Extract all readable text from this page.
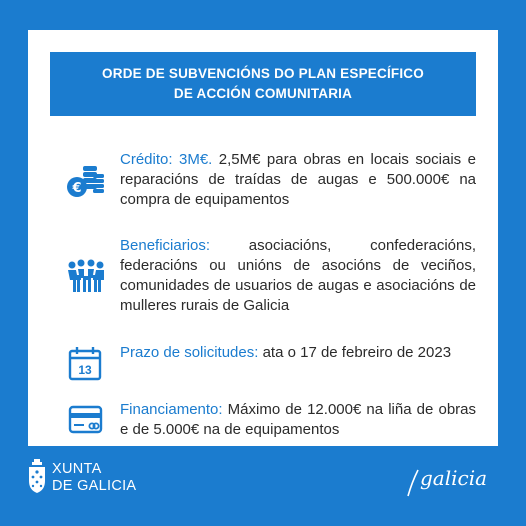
ORDE DE SUBVENCIÓNS DO PLAN ESPECÍFICO DE ACCIÓN COMUNITARIA
€
Crédito: 3M€. 2,5M€ para obras en locais sociais e reparacións de traídas de augas e 500.000€ na compra de equipamentos
Beneficiarios: asociacións, confederacións, federacións ou unións de asocións de veciños, comunidades de usuarios de augas e asociacións de mulleres rurais de Galicia
13
Prazo de solicitudes: ata o 17 de febreiro de 2023
Financiamento: Máximo de 12.000€ na liña de obras e de 5.000€ na de equipamentos
XUNTA
DE GALICIA	galicia
